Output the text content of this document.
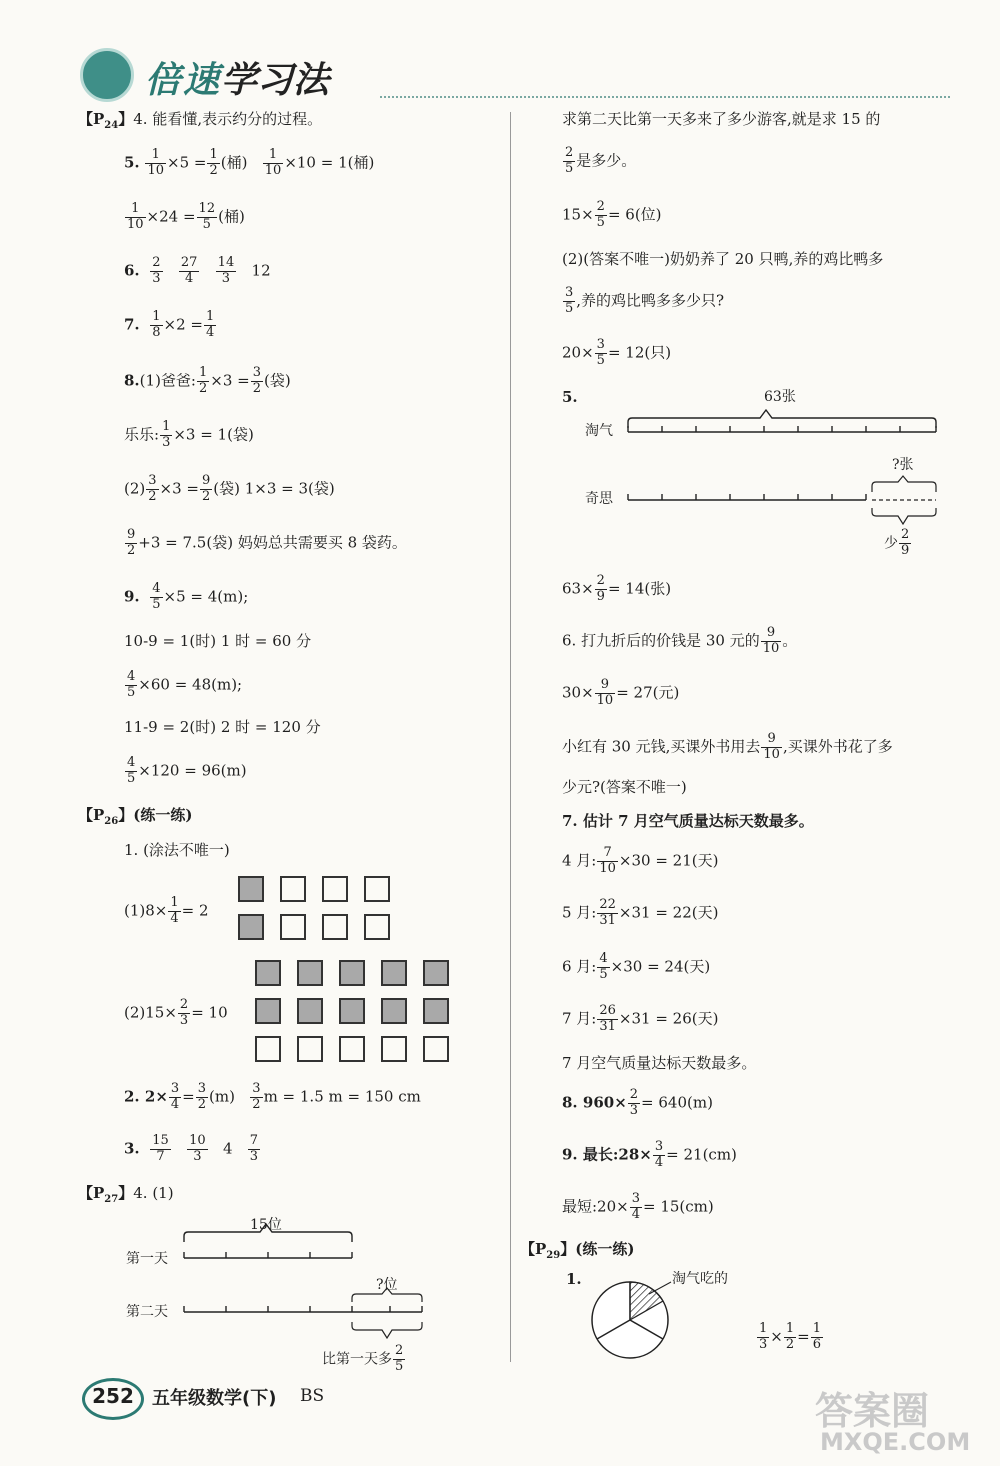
倍速学习法
【$P_{24}$】4. 能看懂,表示约分的过程。
5. $\frac{1}{10} \times 5 = \frac{1}{2}$ (桶) $\frac{1}{10} \times 10 = 1$(桶)
$\frac{1}{10} \times 24 = \frac{12}{5}$ (桶)
6. $\frac{2}{3}$
$\frac{27}{4}$
$\frac{14}{3} 12$
7. $\frac{1}{8} \times 2 = \frac{1}{4}$
8.(1)爸爸: $\frac{1}{2} \times 3 = \frac{3}{2}$ (袋)
乐乐: $\frac{1}{3} \times 3 = 1$(袋)
$(2) \frac{3}{2} \times 3 = \frac{9}{2}$ (袋) 1×3 = 3(袋)
$\frac{9}{2} +3 = 7.5$(袋) 妈妈总共需要买 8 袋药。
9. $\frac{4}{5} \times 5 = 4(m)$;
10-9 = 1(时) 1 时 = 60 分
$\frac{4}{5} \times 60 = 48(m)$;
11-9 = 2(时) 2 时 = 120 分
$\frac{4}{5} \times 120 = 96(m)$
【$P_{26}$】(练一练)
1. (涂法不唯一)
$(1)8\times \frac{1}{4} = 2$
$(2)15\times \frac{2}{3} = 10$
2. $2\times \frac{3}{4} = \frac{3}{2} (m) \frac{3}{2}$ m = 1.5 m = 150 cm
3. $\frac{15}{7}$
$\frac{10}{3} 4 \frac{7}{3}$
【$P_{27}$】4. (1)
15位
第一天
第二天
?位
比第一天多 $\frac{2}{5}$
求第二天比第一天多来了多少游客,就是求 15 的
$\frac{2}{5}$ 是多少。
$15\times \frac{2}{5} = 6$(位)
(2)(答案不唯一)奶奶养了 20 只鸭,养的鸡比鸭多
$\frac{3}{5}$ ,养的鸡比鸭多多少只?
$20\times \frac{3}{5} = 12$(只)
5.	63张
淘气
奇思
?张
少 $\frac{2}{9}$
$63\times \frac{2}{9} = 14$(张)
6. 打九折后的价钱是 30 元的 $\frac{9}{10}$ 。
$30\times \frac{9}{10} = 27$(元)
小红有 30 元钱,买课外书用去 $\frac{9}{10}$ ,买课外书花了多
少元?(答案不唯一)
7. 估计 7 月空气质量达标天数最多。
4 月: $\frac{7}{10} \times 30 = 21$(天)
5 月: $\frac{22}{31} \times 31 = 22$(天)
6 月: $\frac{4}{5} \times 30 = 24$(天)
7 月: $\frac{26}{31} \times 31 = 26$(天)
7 月空气质量达标天数最多。
8. $960\times \frac{2}{3} = 640(m)$
9. 最长:28× $\frac{3}{4} = 21(cm)$
最短:20× $\frac{3}{4} = 15(cm)$
【$P_{29}$】(练一练)
1.	淘气吃的
$\frac{1}{3} \times \frac{1}{2} = \frac{1}{6}$
252	五年级数学(下) BS	答案圈
MXQE.COM
